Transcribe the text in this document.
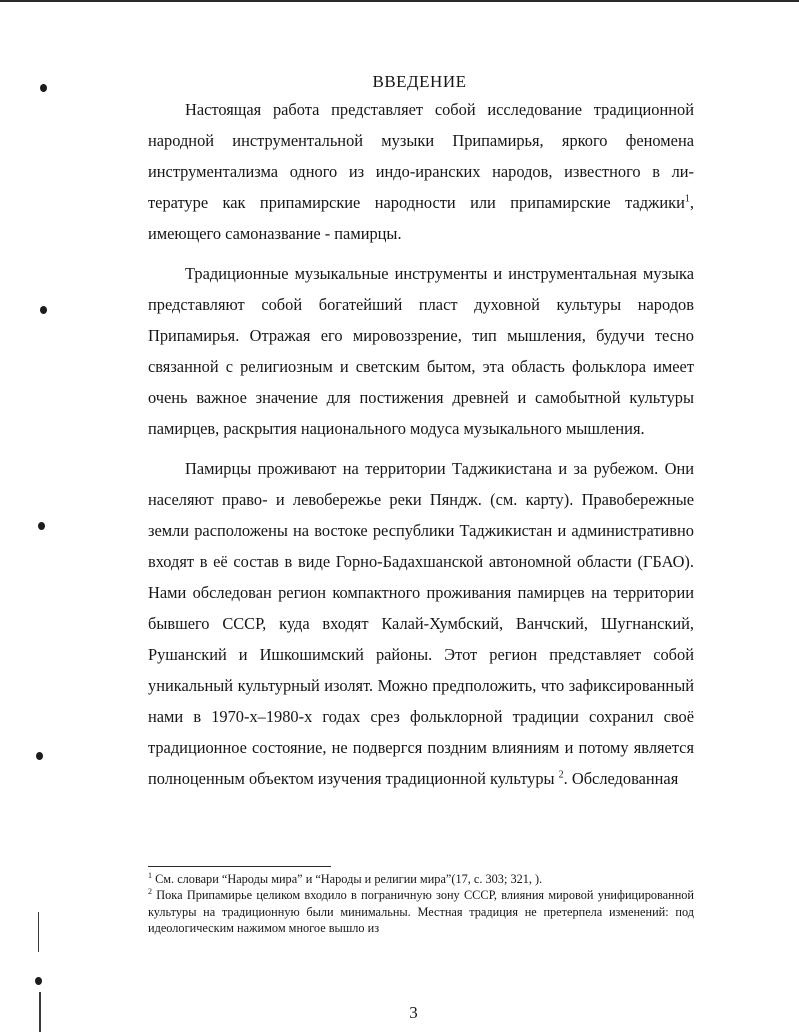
ВВЕДЕНИЕ

Настоящая работа представляет собой исследование традиционной народной инструментальной музыки Припамирья, яркого феномена инструментализма одного из индо-иранских народов, известного в литературе как припамирские народности или припамирские таджики$^1$, имеющего самоназвание - памирцы.

Традиционные музыкальные инструменты и инструментальная музыка представляют собой богатейший пласт духовной культуры народов Припамирья. Отражая его мировоззрение, тип мышления, будучи тесно связанной с религиозным и светским бытом, эта область фольклора имеет очень важное значение для постижения древней и самобытной культуры памирцев, раскрытия национального модуса музыкального мышления.

Памирцы проживают на территории Таджикистана и за рубежом. Они населяют право- и левобережье реки Пяндж. (см. карту). Правобережные земли расположены на востоке республики Таджикистан и административно входят в её состав в виде Горно-Бадахшанской автономной области (ГБАО). Нами обследован регион компактного проживания памирцев на территории бывшего СССР, куда входят Калай-Хумбский, Ванчский, Шугнанский, Рушанский и Ишкошимский районы. Этот регион представляет собой уникальный культурный изолят. Можно предположить, что зафиксированный нами в 1970-х–1980-х годах срез фольклорной традиции сохранил своё традиционное состояние, не подвергся поздним влияниям и потому является полноценным объектом изучения традиционной культуры $^2$. Обследованная

$^1$ См. словари “Народы мира” и “Народы и религии мира”(17, с. 303; 321, ).

$^2$ Пока Припамирье целиком входило в пограничную зону СССР, влияния мировой унифицированной культуры на традиционную были минимальны. Местная традиция не претерпела изменений: под идеологическим нажимом многое вышло из

3
